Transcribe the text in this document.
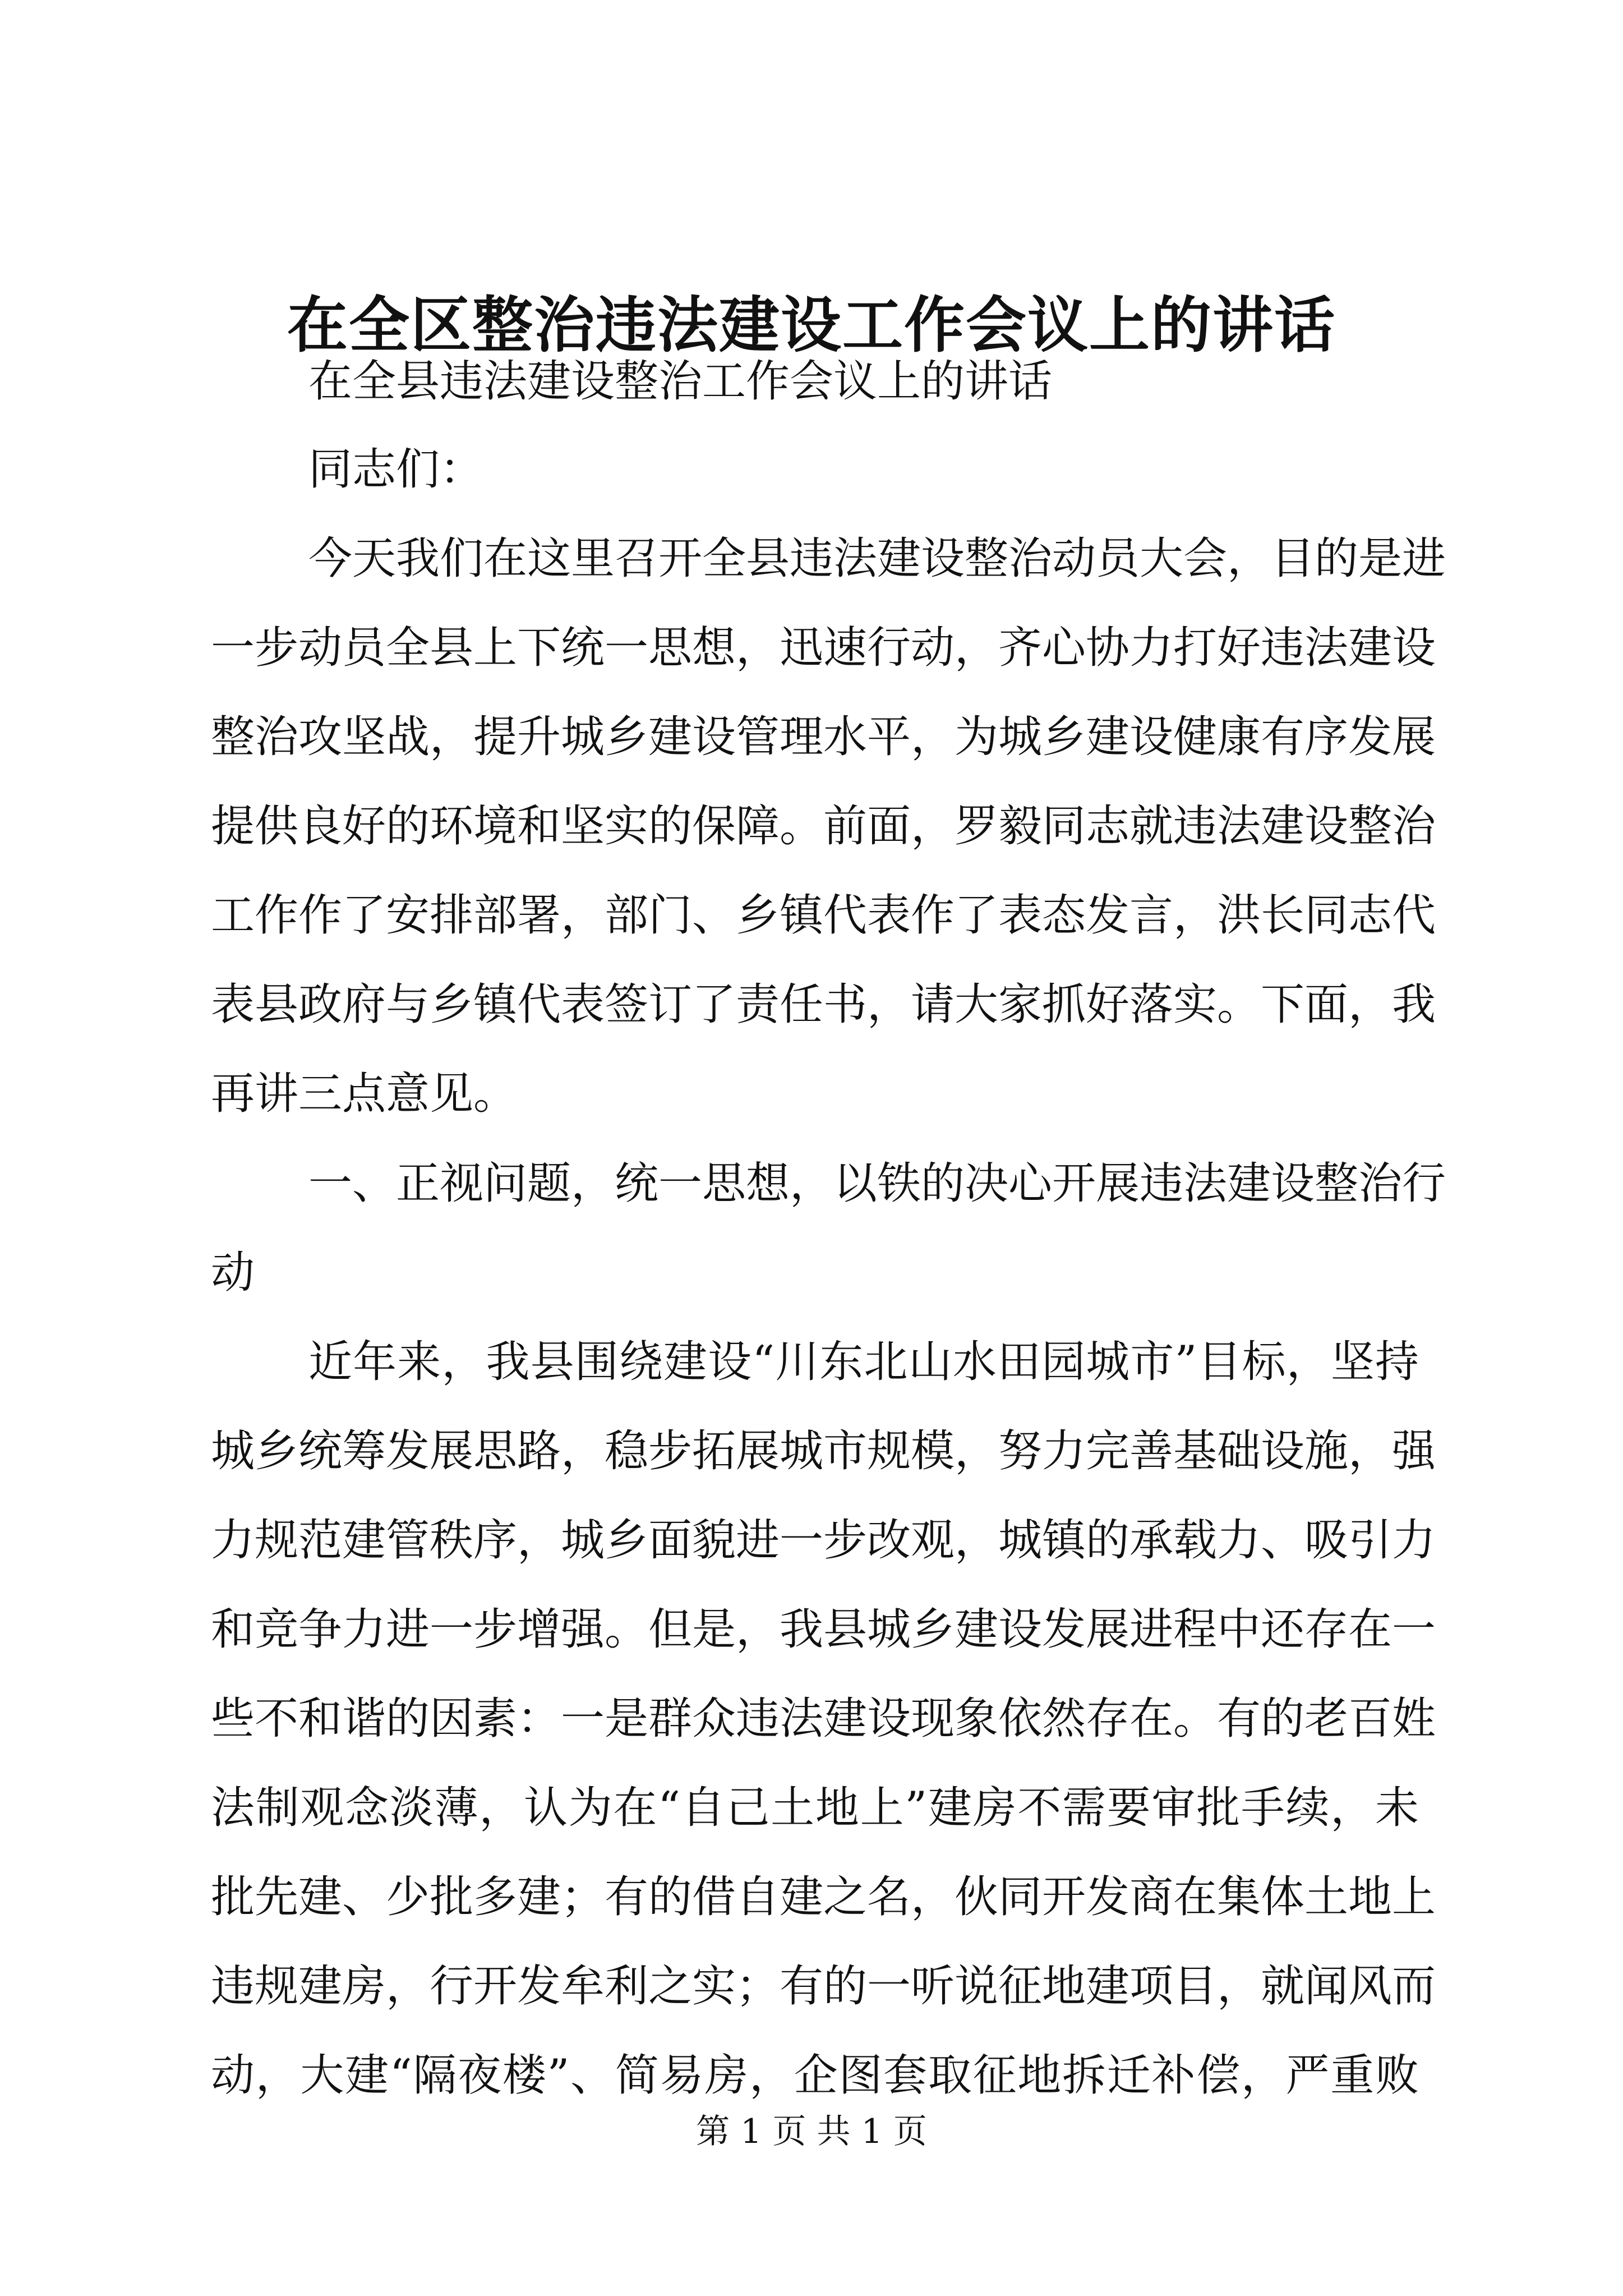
在全区整治违法建设工作会议上的讲话
在全县违法建设整治工作会议上的讲话
同志们：
今天我们在这里召开全县违法建设整治动员大会，目的是进
一步动员全县上下统一思想，迅速行动，齐心协力打好违法建设
整治攻坚战，提升城乡建设管理水平，为城乡建设健康有序发展
提供良好的环境和坚实的保障。前面，罗毅同志就违法建设整治
工作作了安排部署，部门、乡镇代表作了表态发言，洪长同志代
表县政府与乡镇代表签订了责任书，请大家抓好落实。下面，我
再讲三点意见。
一、正视问题，统一思想，以铁的决心开展违法建设整治行
动
近年来，我县围绕建设“川东北山水田园城市”目标，坚持
城乡统筹发展思路，稳步拓展城市规模，努力完善基础设施，强
力规范建管秩序，城乡面貌进一步改观，城镇的承载力、吸引力
和竞争力进一步增强。但是，我县城乡建设发展进程中还存在一
些不和谐的因素：一是群众违法建设现象依然存在。有的老百姓
法制观念淡薄，认为在“自己土地上”建房不需要审批手续，未
批先建、少批多建；有的借自建之名，伙同开发商在集体土地上
违规建房，行开发牟利之实；有的一听说征地建项目，就闻风而
动，大建“隔夜楼”、简易房，企图套取征地拆迁补偿，严重败
第 1 页 共 1 页
